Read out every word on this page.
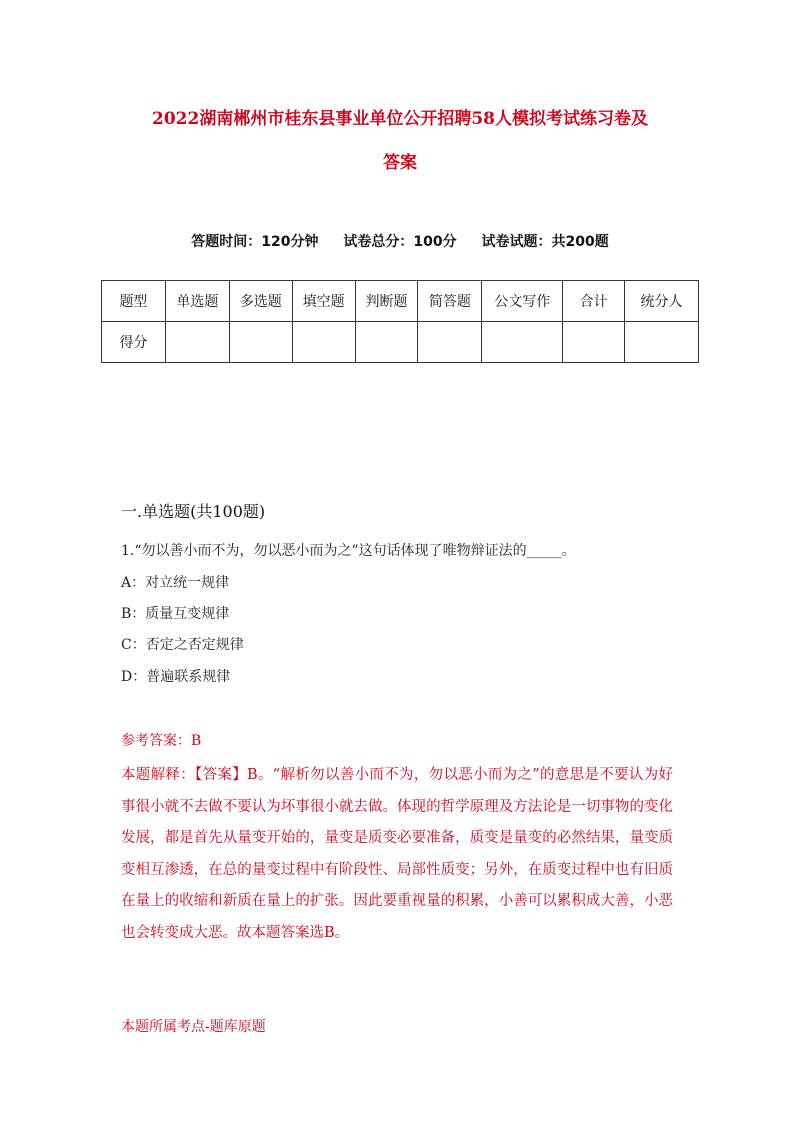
2022湖南郴州市桂东县事业单位公开招聘58人模拟考试练习卷及
答案
答题时间：120分钟 试卷总分：100分 试卷试题：共200题
题型	单选题	多选题	填空题	判断题	简答题	公文写作	合计	统分人
得分								
一.单选题(共100题)
1.“勿以善小而不为，勿以恶小而为之”这句话体现了唯物辩证法的_____。
A：对立统一规律
B：质量互变规律
C：否定之否定规律
D：普遍联系规律
参考答案：B
本题解释：【答案】B。“解析勿以善小而不为，勿以恶小而为之”的意思是不要认为好事很小就不去做不要认为坏事很小就去做。体现的哲学原理及方法论是一切事物的变化发展，都是首先从量变开始的，量变是质变必要准备，质变是量变的必然结果，量变质变相互渗透，在总的量变过程中有阶段性、局部性质变；另外，在质变过程中也有旧质在量上的收缩和新质在量上的扩张。因此要重视量的积累，小善可以累积成大善，小恶也会转变成大恶。故本题答案选B。
本题所属考点-题库原题
